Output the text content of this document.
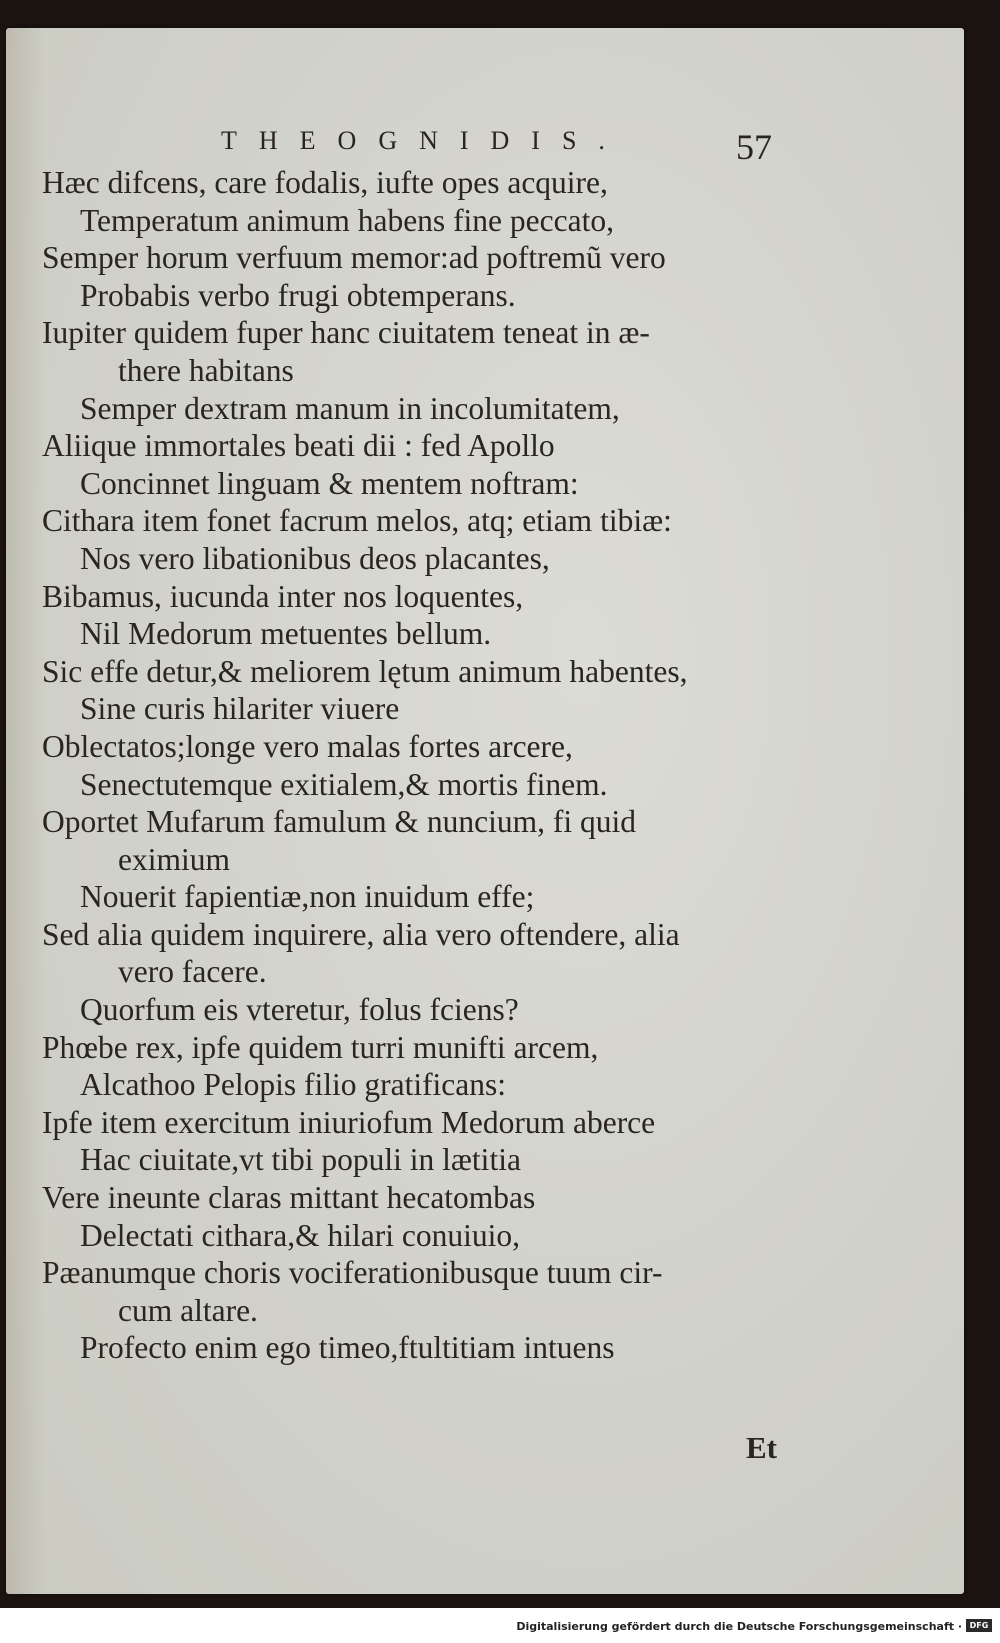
THEOGNIDIS.	57
Hæc difcens, care fodalis, iufte opes acquire,
Temperatum animum habens fine peccato,
Semper horum verfuum memor:ad poftremũ vero
Probabis verbo frugi obtemperans.
Iupiter quidem fuper hanc ciuitatem teneat in æ-
there habitans
Semper dextram manum in incolumitatem,
Aliique immortales beati dii : fed Apollo
Concinnet linguam & mentem noftram:
Cithara item fonet facrum melos, atq; etiam tibiæ:
Nos vero libationibus deos placantes,
Bibamus, iucunda inter nos loquentes,
Nil Medorum metuentes bellum.
Sic effe detur,& meliorem lętum animum habentes,
Sine curis hilariter viuere
Oblectatos;longe vero malas fortes arcere,
Senectutemque exitialem,& mortis finem.
Oportet Mufarum famulum & nuncium, fi quid
eximium
Nouerit fapientiæ,non inuidum effe;
Sed alia quidem inquirere, alia vero oftendere, alia
vero facere.
Quorfum eis vteretur, folus fciens?
Phœbe rex, ipfe quidem turri munifti arcem,
Alcathoo Pelopis filio gratificans:
Ipfe item exercitum iniuriofum Medorum aberce
Hac ciuitate,vt tibi populi in lætitia
Vere ineunte claras mittant hecatombas
Delectati cithara,& hilari conuiuio,
Pæanumque choris vociferationibusque tuum cir-
cum altare.
Profecto enim ego timeo,ftultitiam intuens
Et
Digitalisierung gefördert durch die Deutsche Forschungsgemeinschaft · DFG
